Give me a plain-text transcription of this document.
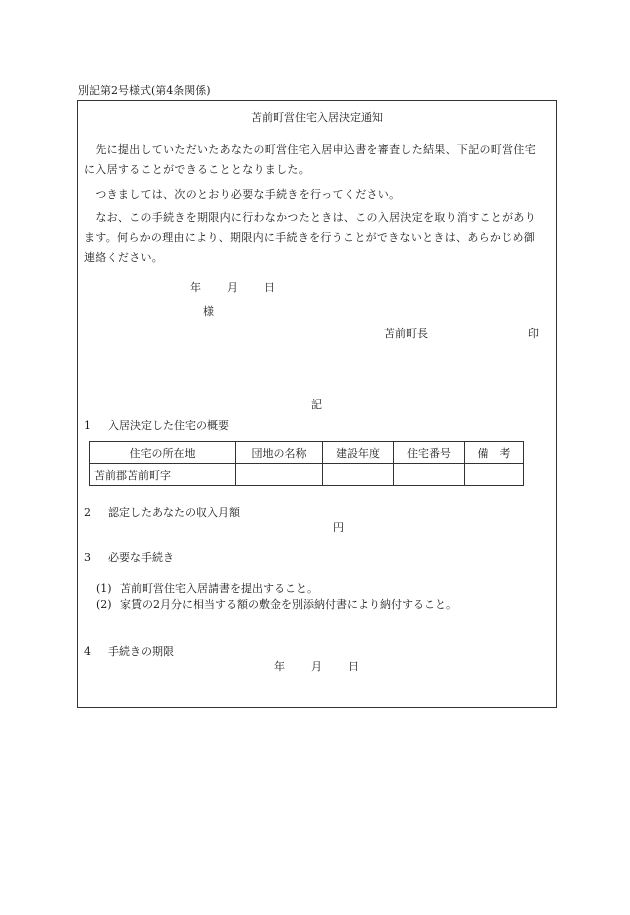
別記第2号様式(第4条関係)
苫前町営住宅入居決定通知
　先に提出していただいたあなたの町営住宅入居申込書を審査した結果、下記の町営住宅に入居することができることとなりました。
　つきましては、次のとおり必要な手続きを行ってください。
　なお、この手続きを期限内に行わなかつたときは、この入居決定を取り消すことがあります。何らかの理由により、期限内に手続きを行うことができないときは、あらかじめ御連絡ください。
年 月 日
様
苫前町長	印
記
1 入居決定した住宅の概要
住宅の所在地	団地の名称	建設年度	住宅番号	備　考
苫前郡苫前町字				
2 認定したあなたの収入月額
円
3 必要な手続き
(1) 苫前町営住宅入居請書を提出すること。
(2) 家賃の2月分に相当する額の敷金を別添納付書により納付すること。
4 手続きの期限
年 月 日
